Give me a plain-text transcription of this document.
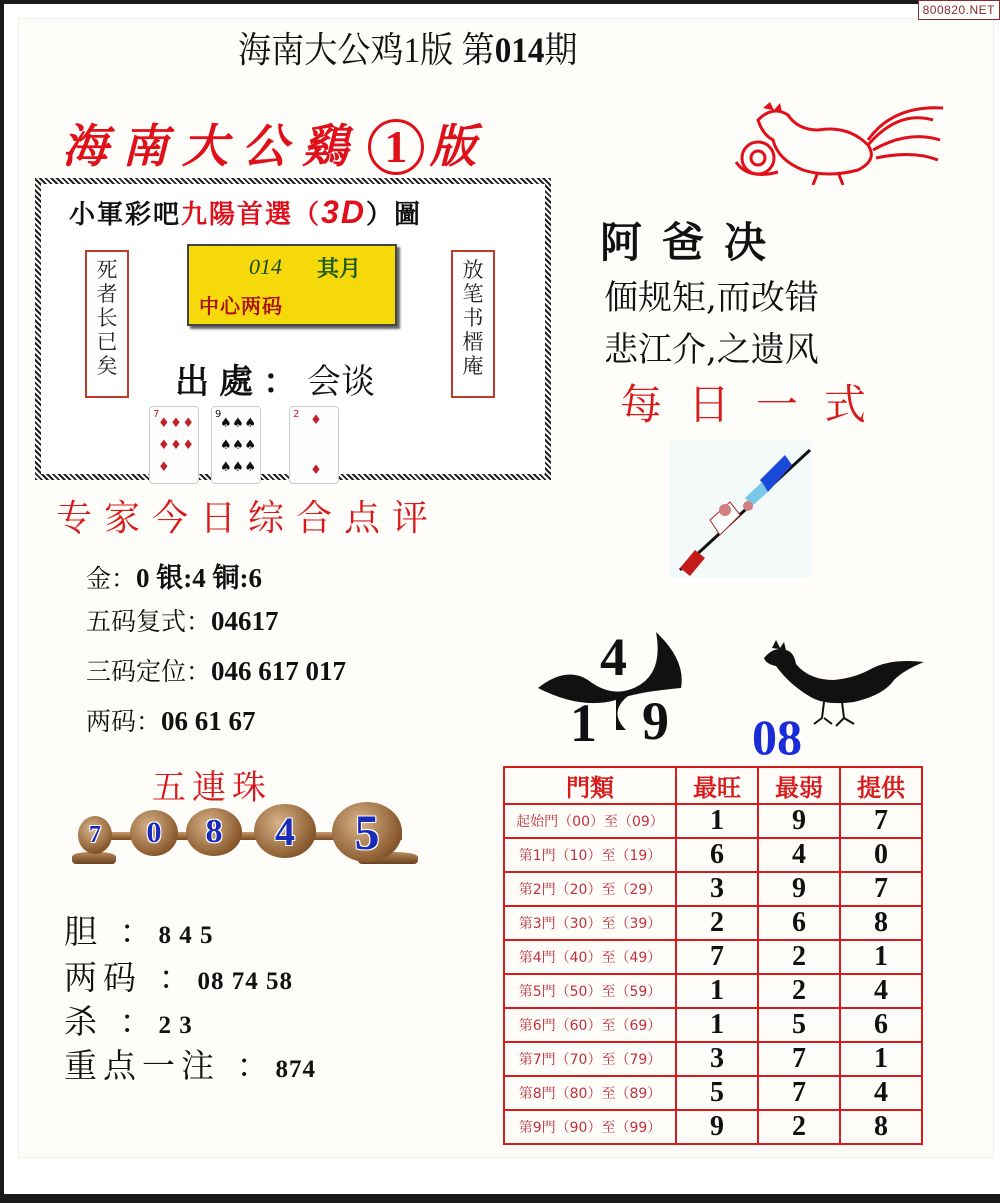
800820.NET
海南大公鸡1版 第014期
海南大公鷄 1 版
小軍彩吧九陽首選（3D）圖
死
者
长
已
矣
014 其月
中心两码
放
笔
书
榗
庵
出處：会谈
7
♦ ♦ ♦
♦ ♦ ♦
♦
9
♠ ♠ ♠
♠ ♠ ♠
♠ ♠ ♠
2 ♦
♦
阿爸决
偭规矩,而改错
悲江介,之遗风
每日一式
专家今日综合点评
金：0 银:4 铜:6
五码复式：04617
三码定位：046 617 017
两码：06 61 67
4
1 9 08
五連珠
7	0	8	4	5
胆 ：8 4 5
两码 ：08 74 58
杀 ：2 3
重点一注 ：874
門類	最旺	最弱	提供
起始門（00）至（09）	1	9	7
第1門（10）至（19）	6	4	0
第2門（20）至（29）	3	9	7
第3門（30）至（39）	2	6	8
第4門（40）至（49）	7	2	1
第5門（50）至（59）	1	2	4
第6門（60）至（69）	1	5	6
第7門（70）至（79）	3	7	1
第8門（80）至（89）	5	7	4
第9門（90）至（99）	9	2	8
